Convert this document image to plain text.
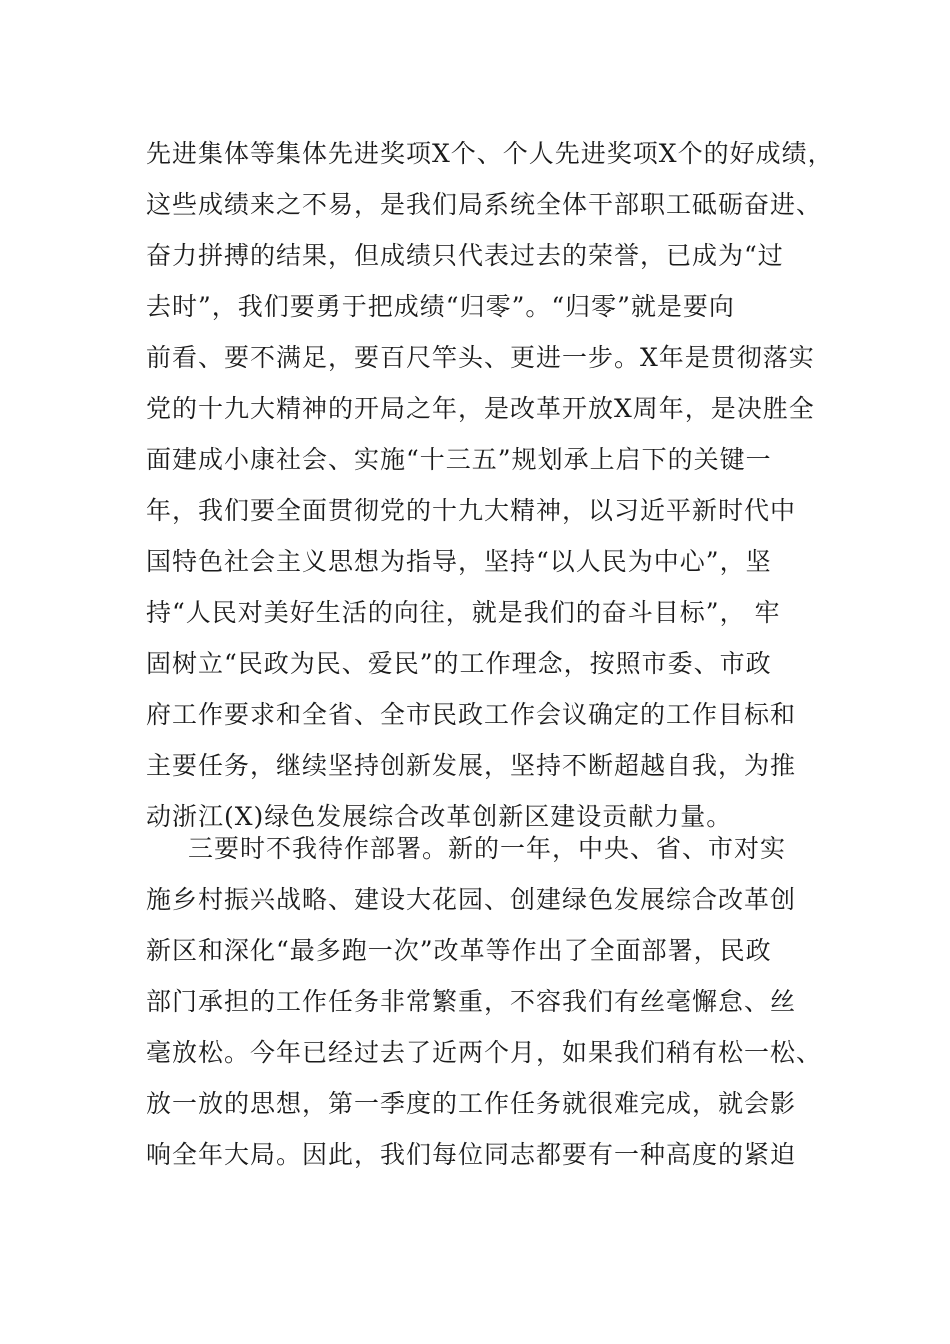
先进集体等集体先进奖项X个、个人先进奖项X个的好成绩，
这些成绩来之不易，是我们局系统全体干部职工砥砺奋进、
奋力拼搏的结果，但成绩只代表过去的荣誉，已成为“过
去时”，我们要勇于把成绩“归零”。“归零”就是要向
前看、要不满足，要百尺竿头、更进一步。X年是贯彻落实
党的十九大精神的开局之年，是改革开放X周年，是决胜全
面建成小康社会、实施“十三五”规划承上启下的关键一
年，我们要全面贯彻党的十九大精神，以习近平新时代中
国特色社会主义思想为指导，坚持“以人民为中心”，坚
持“人民对美好生活的向往，就是我们的奋斗目标”， 牢
固树立“民政为民、爱民”的工作理念，按照市委、市政
府工作要求和全省、全市民政工作会议确定的工作目标和
主要任务，继续坚持创新发展，坚持不断超越自我，为推
动浙江(X)绿色发展综合改革创新区建设贡献力量。
三要时不我待作部署。新的一年，中央、省、市对实
施乡村振兴战略、建设大花园、创建绿色发展综合改革创
新区和深化“最多跑一次”改革等作出了全面部署，民政
部门承担的工作任务非常繁重，不容我们有丝毫懈怠、丝
毫放松。今年已经过去了近两个月，如果我们稍有松一松、
放一放的思想，第一季度的工作任务就很难完成，就会影
响全年大局。因此，我们每位同志都要有一种高度的紧迫
